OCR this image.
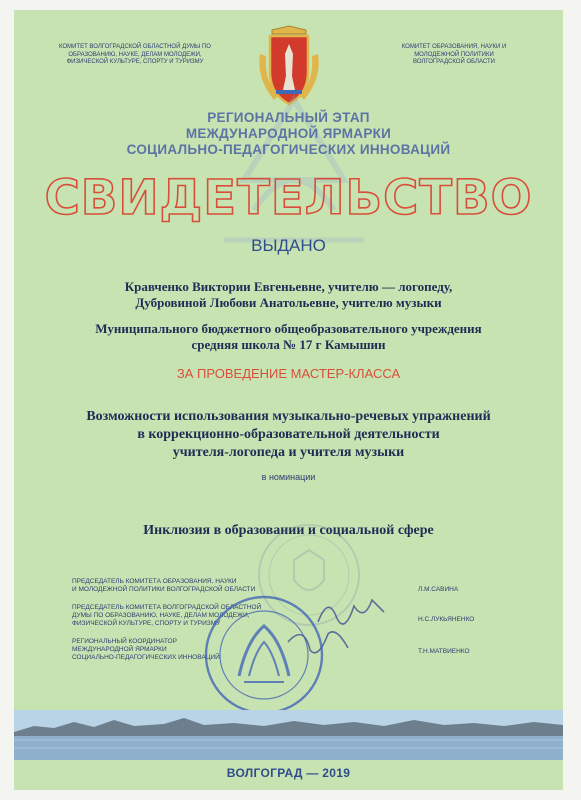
КОМИТЕТ ВОЛГОГРАДСКОЙ ОБЛАСТНОЙ ДУМЫ ПО ОБРАЗОВАНИЮ, НАУКЕ, ДЕЛАМ МОЛОДЕЖИ, ФИЗИЧЕСКОЙ КУЛЬТУРЕ, СПОРТУ И ТУРИЗМУ
КОМИТЕТ ОБРАЗОВАНИЯ, НАУКИ И МОЛОДЕЖНОЙ ПОЛИТИКИ ВОЛГОГРАДСКОЙ ОБЛАСТИ
РЕГИОНАЛЬНЫЙ ЭТАП
МЕЖДУНАРОДНОЙ ЯРМАРКИ
СОЦИАЛЬНО-ПЕДАГОГИЧЕСКИХ ИННОВАЦИЙ
СВИДЕТЕЛЬСТВО
ВЫДАНО
Кравченко Виктории Евгеньевне, учителю — логопеду,
Дубровиной Любови Анатольевне, учителю музыки
Муниципального бюджетного общеобразовательного учреждения
средняя школа № 17 г Камышин
ЗА ПРОВЕДЕНИЕ МАСТЕР-КЛАССА
Возможности использования музыкально-речевых упражнений
в коррекционно-образовательной деятельности
учителя-логопеда и учителя музыки
в номинации
Инклюзия в образовании и социальной сфере
ПРЕДСЕДАТЕЛЬ КОМИТЕТА ОБРАЗОВАНИЯ, НАУКИ
И МОЛОДЕЖНОЙ ПОЛИТИКИ ВОЛГОГРАДСКОЙ ОБЛАСТИ	Л.М.САВИНА
ПРЕДСЕДАТЕЛЬ КОМИТЕТА ВОЛГОГРАДСКОЙ ОБЛАСТНОЙ
ДУМЫ ПО ОБРАЗОВАНИЮ, НАУКЕ, ДЕЛАМ МОЛОДЕЖИ,
ФИЗИЧЕСКОЙ КУЛЬТУРЕ, СПОРТУ И ТУРИЗМУ
Н.С.ЛУКЬЯНЕНКО
РЕГИОНАЛЬНЫЙ КООРДИНАТОР
МЕЖДУНАРОДНОЙ ЯРМАРКИ
СОЦИАЛЬНО-ПЕДАГОГИЧЕСКИХ ИННОВАЦИЙ
Т.Н.МАТВИЕНКО
ВОЛГОГРАД — 2019
